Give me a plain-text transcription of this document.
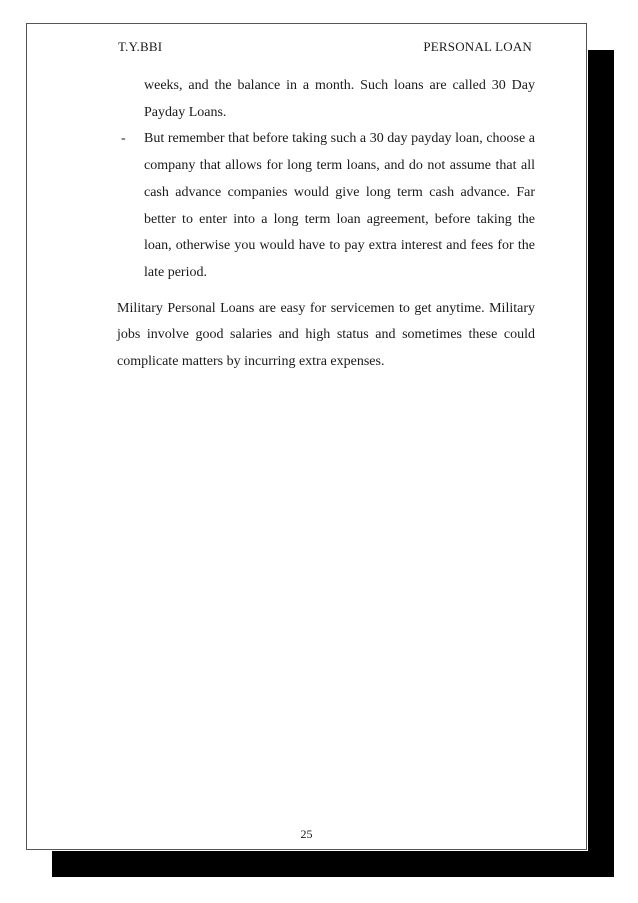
T.Y.BBI	PERSONAL LOAN

weeks, and the balance in a month. Such loans are called 30 Day Payday Loans.

- But remember that before taking such a 30 day payday loan, choose a company that allows for long term loans, and do not assume that all cash advance companies would give long term cash advance. Far better to enter into a long term loan agreement, before taking the loan, otherwise you would have to pay extra interest and fees for the late period.

Military Personal Loans are easy for servicemen to get anytime. Military jobs involve good salaries and high status and sometimes these could complicate matters by incurring extra expenses.

25
